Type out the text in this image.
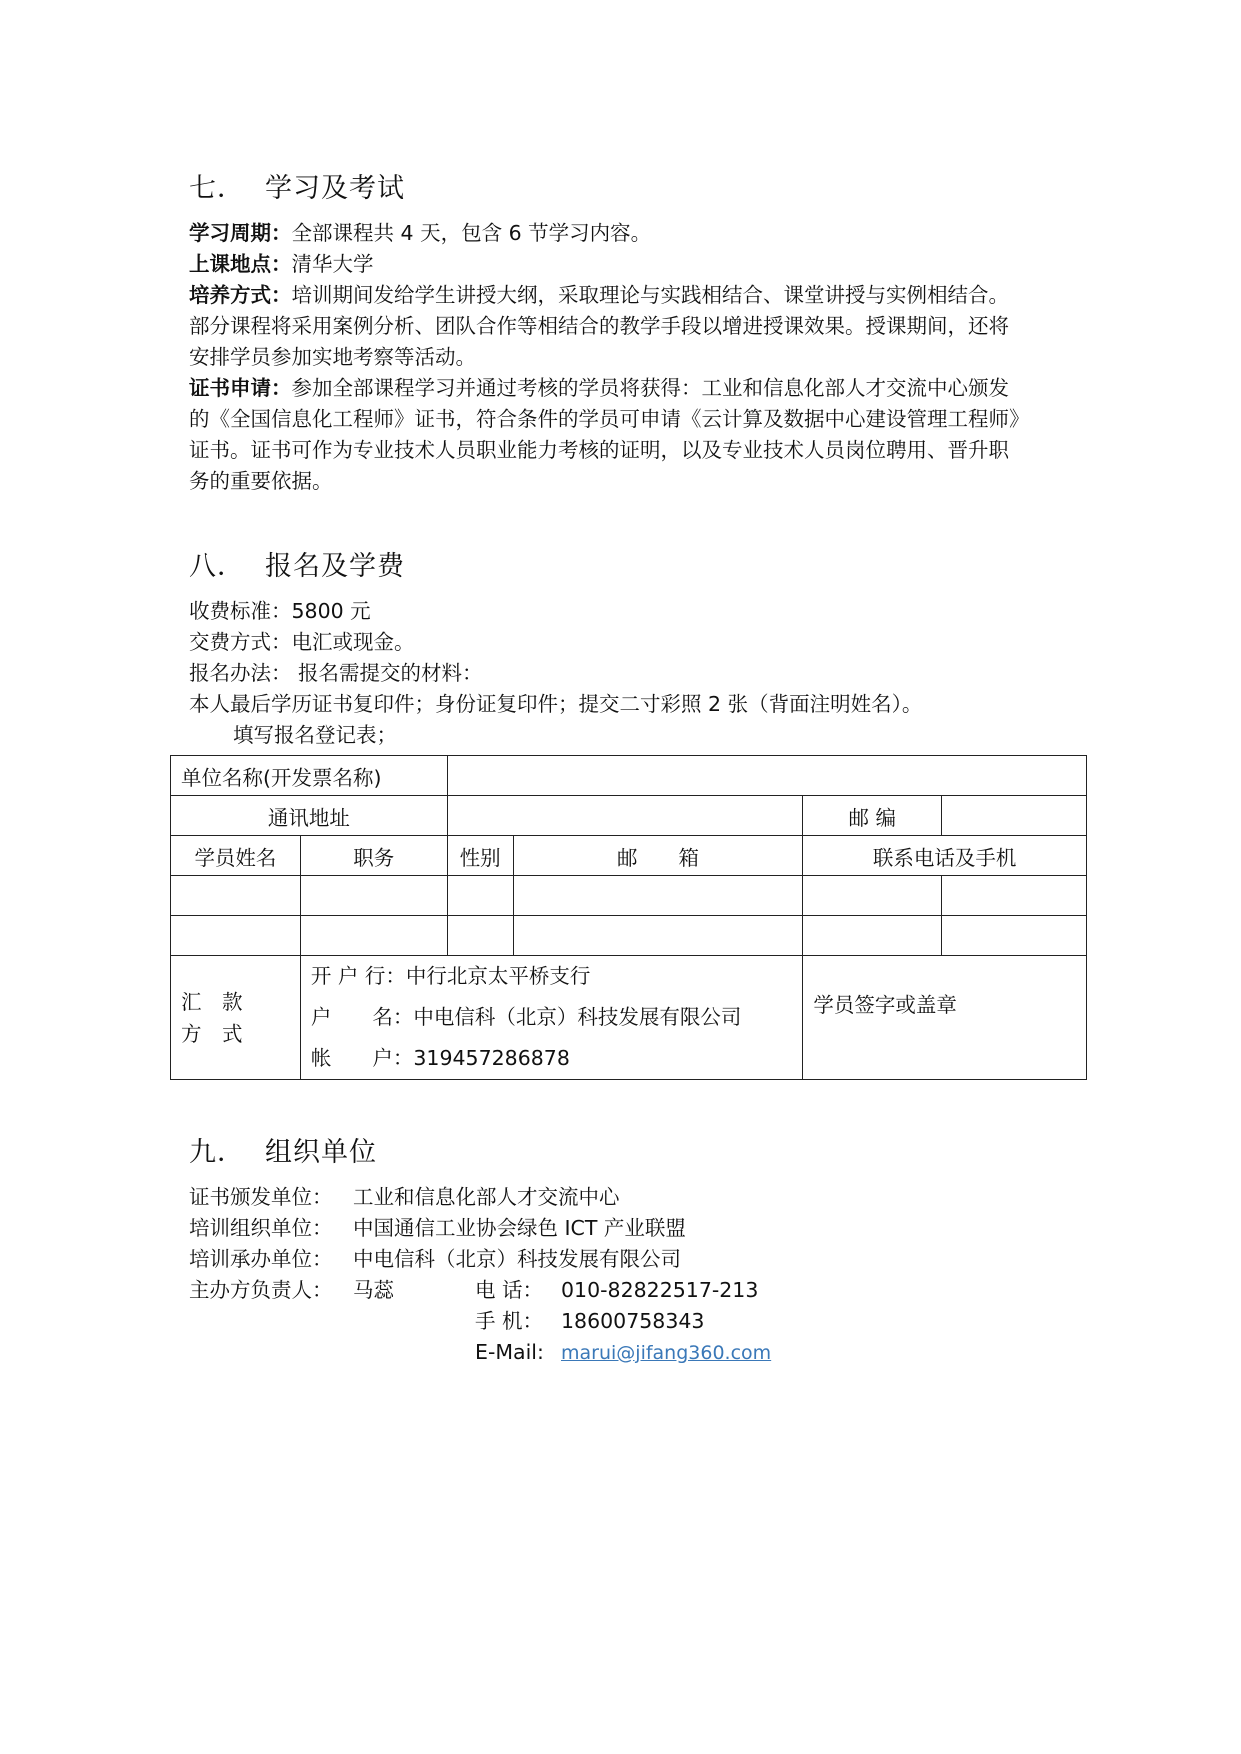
七． 学习及考试
学习周期：全部课程共 4 天，包含 6 节学习内容。
上课地点：清华大学
培养方式：培训期间发给学生讲授大纲，采取理论与实践相结合、课堂讲授与实例相结合。
部分课程将采用案例分析、团队合作等相结合的教学手段以增进授课效果。授课期间，还将
安排学员参加实地考察等活动。
证书申请：参加全部课程学习并通过考核的学员将获得：工业和信息化部人才交流中心颁发
的《全国信息化工程师》证书，符合条件的学员可申请《云计算及数据中心建设管理工程师》
证书。证书可作为专业技术人员职业能力考核的证明，以及专业技术人员岗位聘用、晋升职
务的重要依据。
八． 报名及学费
收费标准：5800 元
交费方式：电汇或现金。
报名办法： 报名需提交的材料：
本人最后学历证书复印件；身份证复印件；提交二寸彩照 2 张（背面注明姓名）。
填写报名登记表；
单位名称(开发票名称)					
通讯地址				邮 编	
学员姓名	职务	性别	邮　　箱	联系电话及手机	

汇　款
方　式	开 户 行：中行北京太平桥支行
户　　名：中电信科（北京）科技发展有限公司
帐　　户：319457286878			学员签字或盖章	
九． 组织单位
证书颁发单位： 工业和信息化部人才交流中心
培训组织单位： 中国通信工业协会绿色 ICT 产业联盟
培训承办单位： 中电信科（北京）科技发展有限公司
主办方负责人： 马蕊	电 话： 010-82822517-213
手 机： 18600758343
E-Mail: marui@jifang360.com
